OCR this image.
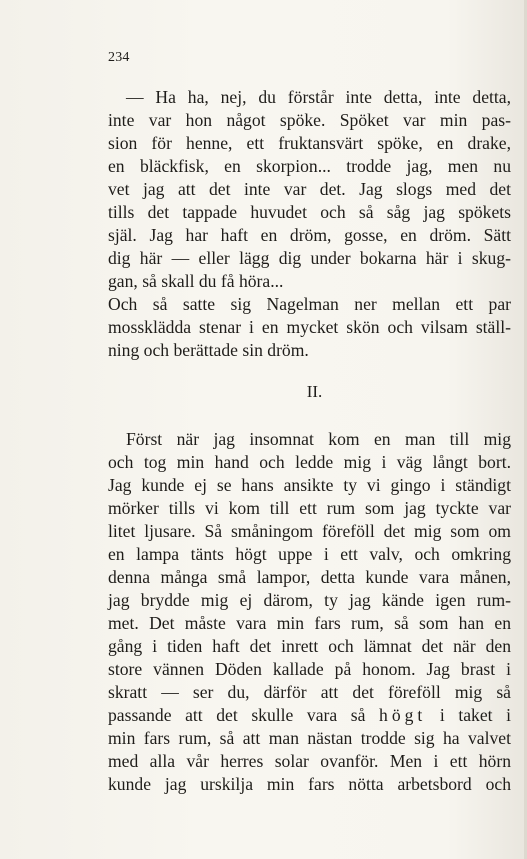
234
— Ha ha, nej, du förstår inte detta, inte detta,
inte var hon något spöke. Spöket var min pas-
sion för henne, ett fruktansvärt spöke, en drake,
en bläckfisk, en skorpion... trodde jag, men nu
vet jag att det inte var det. Jag slogs med det
tills det tappade huvudet och så såg jag spökets
själ. Jag har haft en dröm, gosse, en dröm. Sätt
dig här — eller lägg dig under bokarna här i skug-
gan, så skall du få höra...
Och så satte sig Nagelman ner mellan ett par
mossklädda stenar i en mycket skön och vilsam ställ-
ning och berättade sin dröm.
II.
Först när jag insomnat kom en man till mig
och tog min hand och ledde mig i väg långt bort.
Jag kunde ej se hans ansikte ty vi gingo i ständigt
mörker tills vi kom till ett rum som jag tyckte var
litet ljusare. Så småningom föreföll det mig som om
en lampa tänts högt uppe i ett valv, och omkring
denna många små lampor, detta kunde vara månen,
jag brydde mig ej därom, ty jag kände igen rum-
met. Det måste vara min fars rum, så som han en
gång i tiden haft det inrett och lämnat det när den
store vännen Döden kallade på honom. Jag brast i
skratt — ser du, därför att det föreföll mig så
passande att det skulle vara så högt i taket i
min fars rum, så att man nästan trodde sig ha valvet
med alla vår herres solar ovanför. Men i ett hörn
kunde jag urskilja min fars nötta arbetsbord och
